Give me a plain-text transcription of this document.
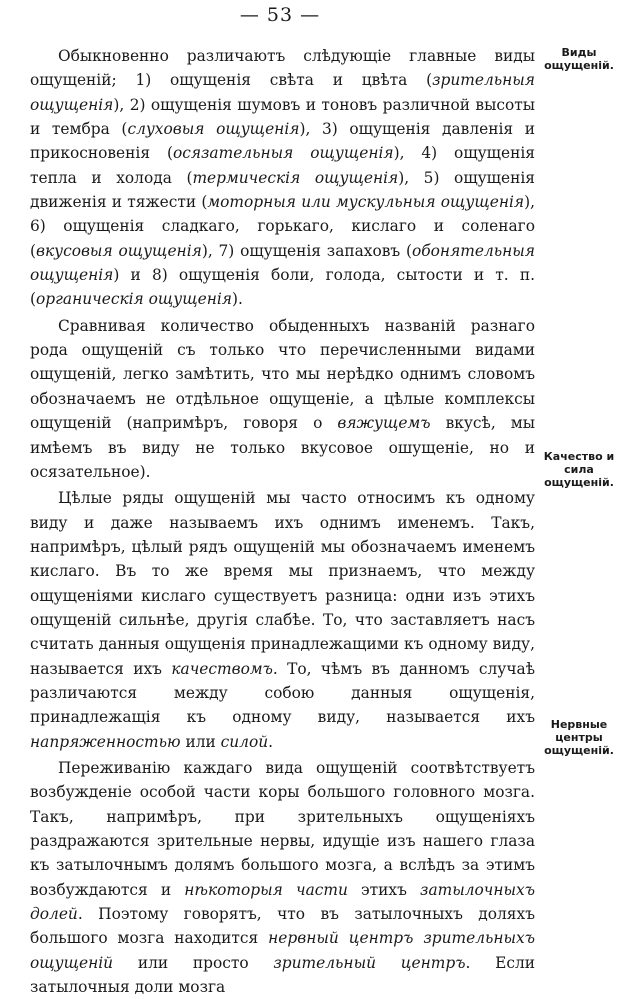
— 53 —

Обыкновенно различаютъ слѣдующіе главные виды ощущеній; 1) ощущенія свѣта и цвѣта (зрительныя ощущенія), 2) ощущенія шумовъ и тоновъ различной высоты и тембра (слуховыя ощущенія), 3) ощущенія давленія и прикосновенія (осязательныя ощущенія), 4) ощущенія тепла и холода (термическія ощущенія), 5) ощущенія движенія и тяжести (моторныя или мускульныя ощущенія), 6) ощущенія сладкаго, горькаго, кислаго и соленаго (вкусовыя ощущенія), 7) ощущенія запаховъ (обонятельныя ощущенія) и 8) ощущенія боли, голода, сытости и т. п. (органическія ощущенія).

Сравнивая количество обыденныхъ названій разнаго рода ощущеній съ только что перечисленными видами ощущеній, легко замѣтить, что мы нерѣдко однимъ словомъ обозначаемъ не отдѣльное ощущеніе, а цѣлые комплексы ощущеній (напримѣръ, говоря о вяжущемъ вкусѣ, мы имѣемъ въ виду не только вкусовое ошущеніе, но и осязательное).

Цѣлые ряды ощущеній мы часто относимъ къ одному виду и даже называемъ ихъ однимъ именемъ. Такъ, напримѣръ, цѣлый рядъ ощущеній мы обозначаемъ именемъ кислаго. Въ то же время мы признаемъ, что между ощущеніями кислаго существуетъ разница: одни изъ этихъ ощущеній сильнѣе, другія слабѣе. То, что заставляетъ насъ считать данныя ощущенія принадлежащими къ одному виду, называется ихъ качествомъ. То, чѣмъ въ данномъ случаѣ различаются между собою данныя ощущенія, принадлежащія къ одному виду, называется ихъ напряженностью или силой.

Переживанію каждаго вида ощущеній соотвѣтствуетъ возбужденіе особой части коры большого головного мозга. Такъ, напримѣръ, при зрительныхъ ощущеніяхъ раздражаются зрительные нервы, идущіе изъ нашего глаза къ затылочнымъ долямъ большого мозга, а вслѣдъ за этимъ возбуждаются и нѣкоторыя части этихъ затылочныхъ долей. Поэтому говорятъ, что въ затылочныхъ доляхъ большого мозга находится нервный центръ зрительныхъ ощущеній или просто зрительный центръ. Если затылочныя доли мозга

Виды ощущеній.
Качество и сила ощущеній.
Нервные центры ощущеній.
